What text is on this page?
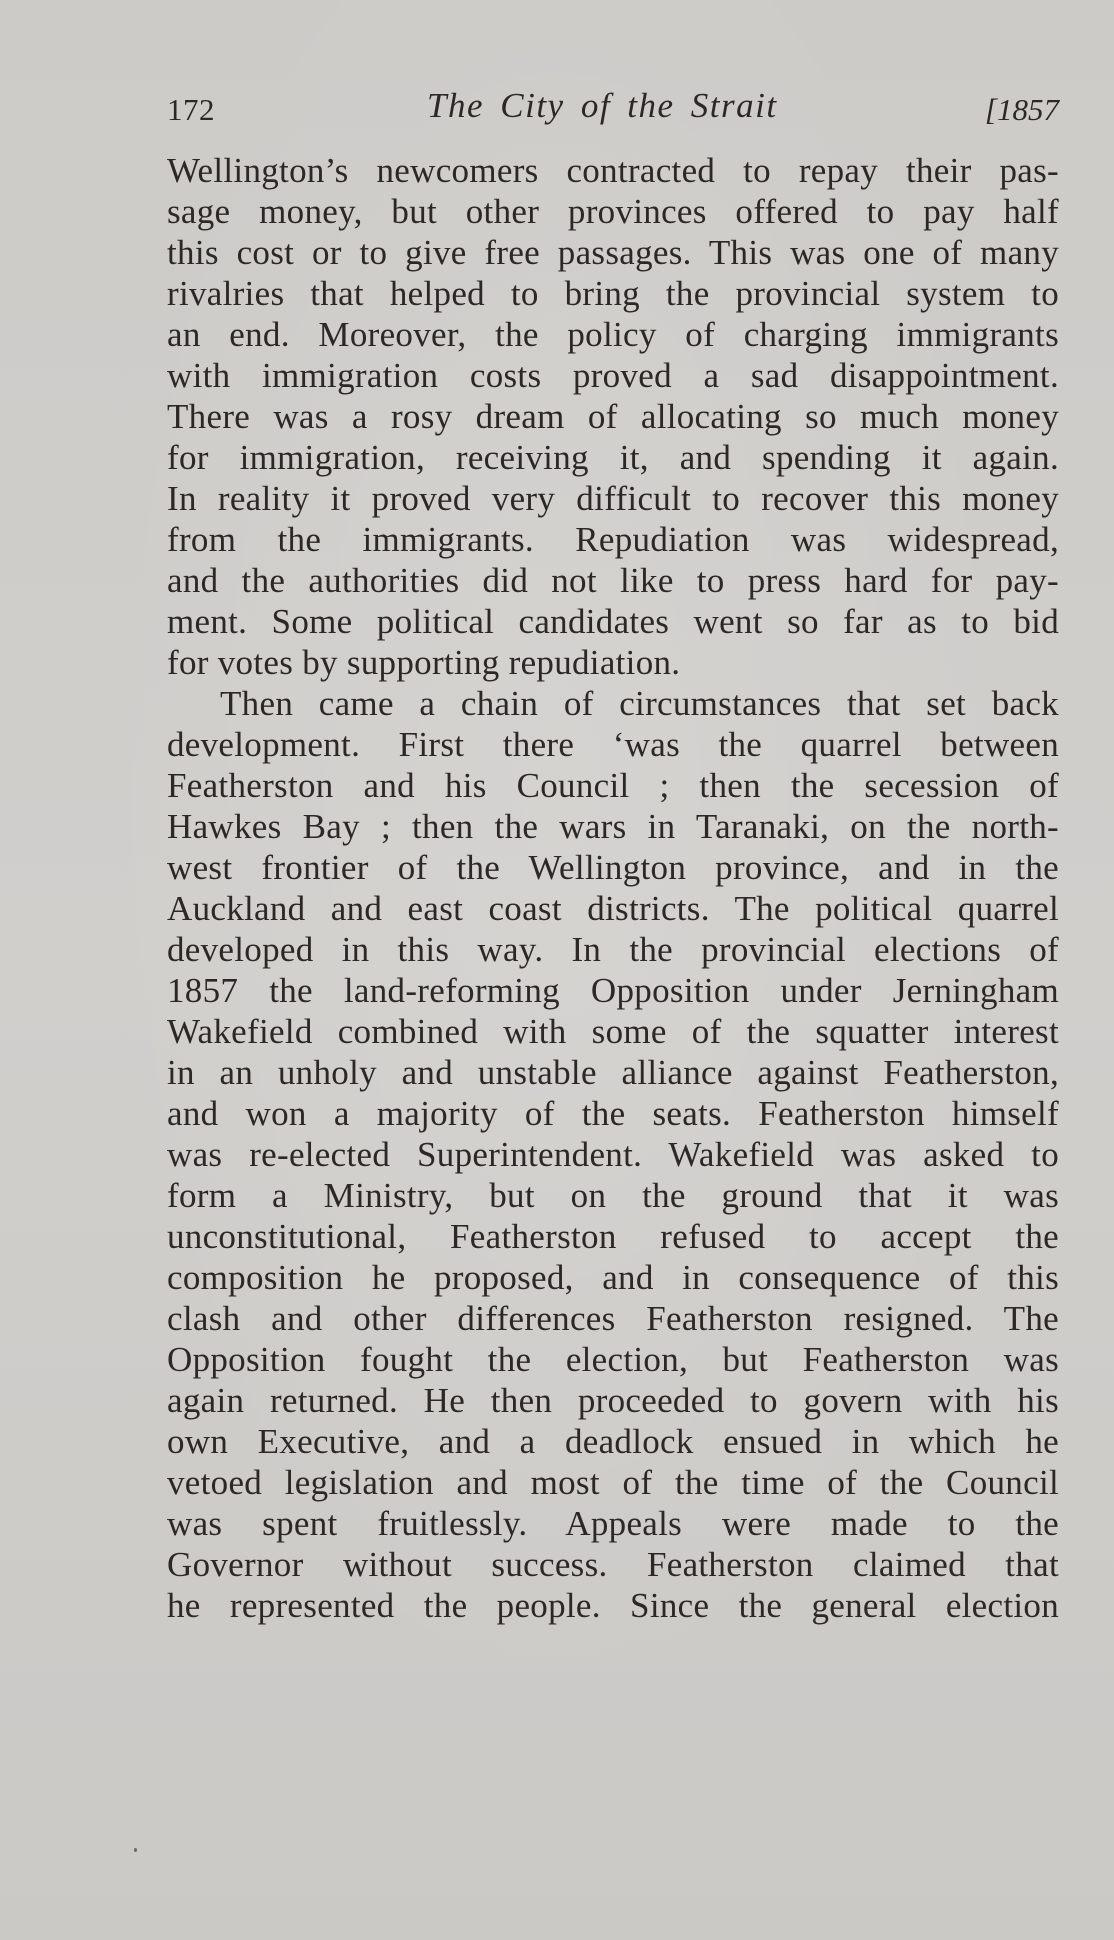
172	The City of the Strait	[1857
Wellington’s newcomers contracted to repay their pas-
sage money, but other provinces offered to pay half
this cost or to give free passages. This was one of many
rivalries that helped to bring the provincial system to
an end. Moreover, the policy of charging immigrants
with immigration costs proved a sad disappointment.
There was a rosy dream of allocating so much money
for immigration, receiving it, and spending it again.
In reality it proved very difficult to recover this money
from the immigrants. Repudiation was widespread,
and the authorities did not like to press hard for pay-
ment. Some political candidates went so far as to bid
for votes by supporting repudiation.
Then came a chain of circumstances that set back
development. First there ‘was the quarrel between
Featherston and his Council ; then the secession of
Hawkes Bay ; then the wars in Taranaki, on the north-
west frontier of the Wellington province, and in the
Auckland and east coast districts. The political quarrel
developed in this way. In the provincial elections of
1857 the land-reforming Opposition under Jerningham
Wakefield combined with some of the squatter interest
in an unholy and unstable alliance against Featherston,
and won a majority of the seats. Featherston himself
was re-elected Superintendent. Wakefield was asked to
form a Ministry, but on the ground that it was
unconstitutional, Featherston refused to accept the
composition he proposed, and in consequence of this
clash and other differences Featherston resigned. The
Opposition fought the election, but Featherston was
again returned. He then proceeded to govern with his
own Executive, and a deadlock ensued in which he
vetoed legislation and most of the time of the Council
was spent fruitlessly. Appeals were made to the
Governor without success. Featherston claimed that
he represented the people. Since the general election
